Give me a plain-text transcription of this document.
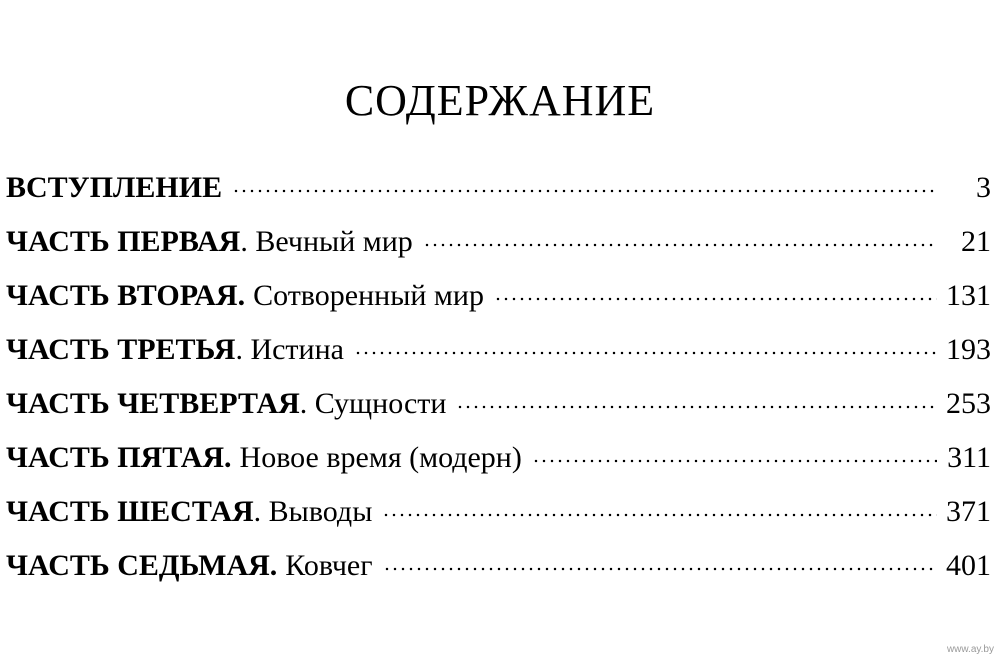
СОДЕРЖАНИЕ
ВСТУПЛЕНИЕ	3
ЧАСТЬ ПЕРВАЯ . Вечный мир	21
ЧАСТЬ ВТОРАЯ. Сотворенный мир	131
ЧАСТЬ ТРЕТЬЯ . Истина	193
ЧАСТЬ ЧЕТВЕРТАЯ . Сущности	253
ЧАСТЬ ПЯТАЯ. Новое время (модерн)	311
ЧАСТЬ ШЕСТАЯ . Выводы	371
ЧАСТЬ СЕДЬМАЯ. Ковчег	401
www.ay.by
